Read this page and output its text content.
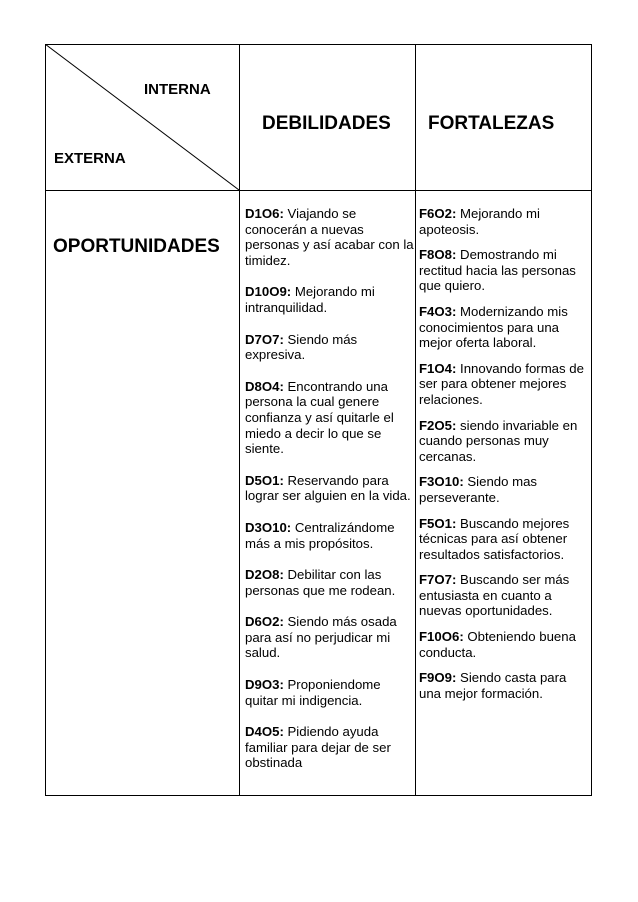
INTERNA
EXTERNA
DEBILIDADES FORTALEZAS
OPORTUNIDADES

D1O6: Viajando se conocerán a nuevas personas y así acabar con la timidez.

D10O9: Mejorando mi intranquilidad.

D7O7: Siendo más expresiva.

D8O4: Encontrando una persona la cual genere confianza y así quitarle el miedo a decir lo que se siente.

D5O1: Reservando para lograr ser alguien en la vida.

D3O10: Centralizándome más a mis propósitos.

D2O8: Debilitar con las personas que me rodean.

D6O2: Siendo más osada para así no perjudicar mi salud.

D9O3: Proponiendome quitar mi indigencia.

D4O5: Pidiendo ayuda familiar para dejar de ser obstinada

F6O2: Mejorando mi apoteosis.

F8O8: Demostrando mi rectitud hacia las personas que quiero.

F4O3: Modernizando mis conocimientos para una mejor oferta laboral.

F1O4: Innovando formas de ser para obtener mejores relaciones.

F2O5: siendo invariable en cuando personas muy cercanas.

F3O10: Siendo mas perseverante.

F5O1: Buscando mejores técnicas para así obtener resultados satisfactorios.

F7O7: Buscando ser más entusiasta en cuanto a nuevas oportunidades.

F10O6: Obteniendo buena conducta.

F9O9: Siendo casta para una mejor formación.
